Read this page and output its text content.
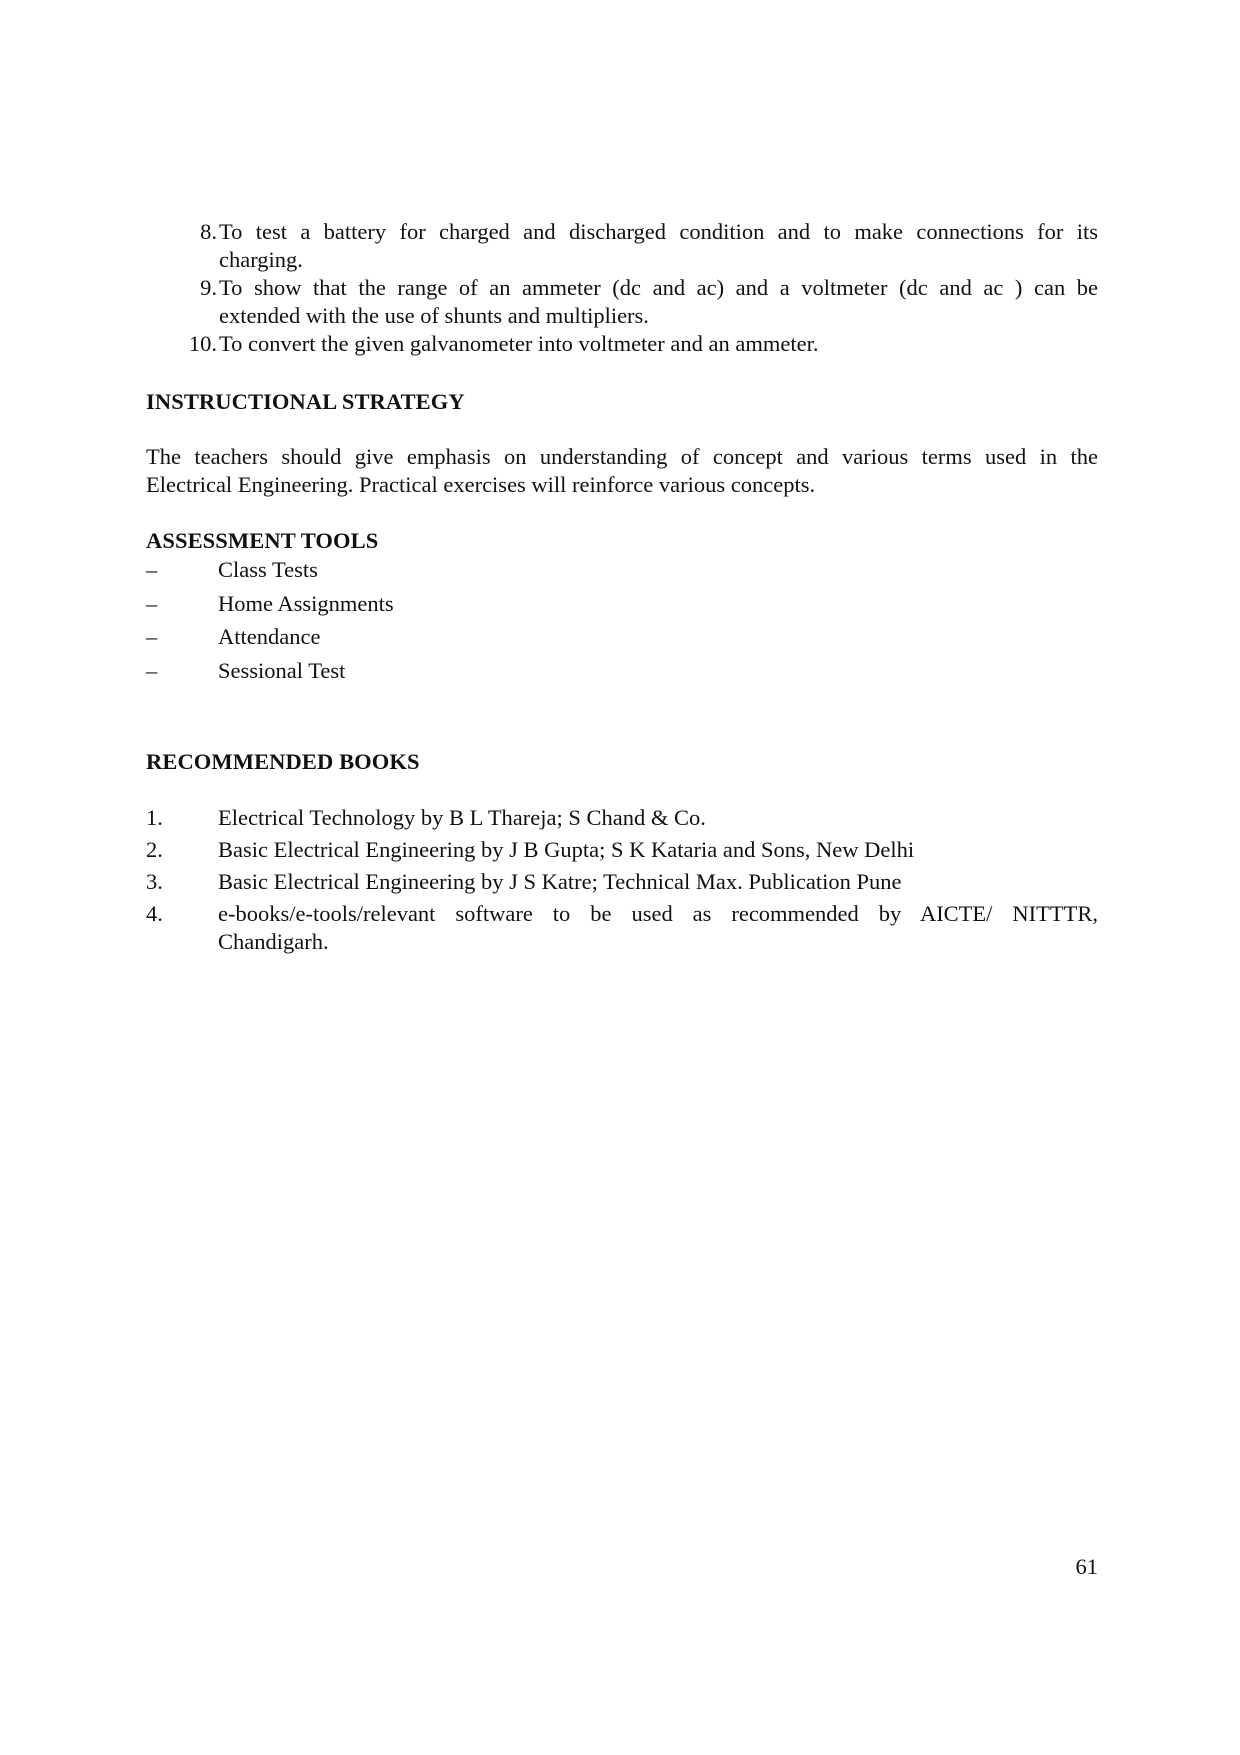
8. To test a battery for charged and discharged condition and to make connections for its
charging.
9. To show that the range of an ammeter (dc and ac) and a voltmeter (dc and ac ) can be
extended with the use of shunts and multipliers.
10. To convert the given galvanometer into voltmeter and an ammeter.
INSTRUCTIONAL STRATEGY
The teachers should give emphasis on understanding of concept and various terms used in the
Electrical Engineering. Practical exercises will reinforce various concepts.
ASSESSMENT TOOLS
–	Class Tests
–	Home Assignments
–	Attendance
–	Sessional Test
RECOMMENDED BOOKS
1. Electrical Technology by B L Thareja; S Chand & Co.
2. Basic Electrical Engineering by J B Gupta; S K Kataria and Sons, New Delhi
3. Basic Electrical Engineering by J S Katre; Technical Max. Publication Pune
4. e-books/e-tools/relevant software to be used as recommended by AICTE/ NITTTR,
Chandigarh.
61
